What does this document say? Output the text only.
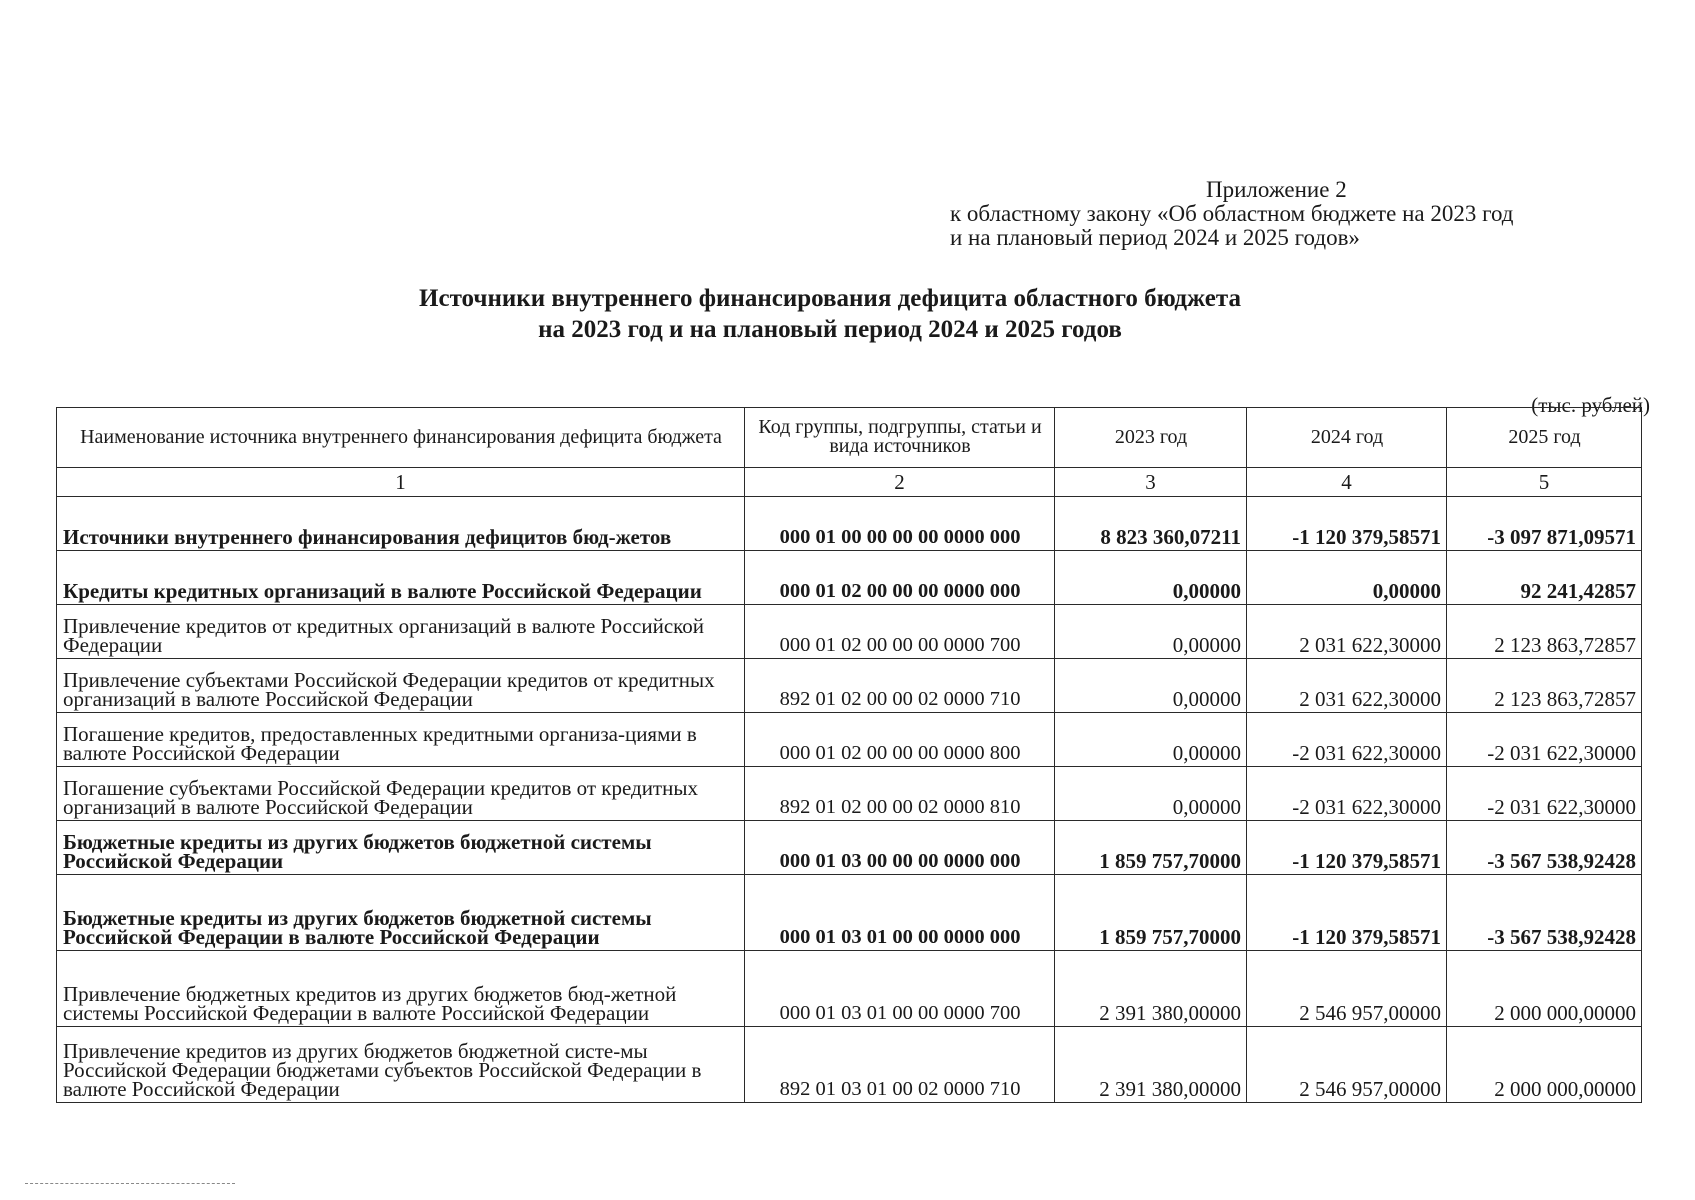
Приложение 2
к областному закону «Об областном бюджете на 2023 год
и на плановый период 2024 и 2025 годов»
Источники внутреннего финансирования дефицита областного бюджета
на 2023 год и на плановый период 2024 и 2025 годов
(тыс. рублей)
Наименование источника внутреннего финансирования дефицита бюджета	Код группы, подгруппы, статьи и вида источников	2023 год	2024 год	2025 год
1	2	3	4	5
Источники внутреннего финансирования дефицитов бюд-жетов	000 01 00 00 00 00 0000 000	8 823 360,07211	-1 120 379,58571	-3 097 871,09571
Кредиты кредитных организаций в валюте Российской Федерации	000 01 02 00 00 00 0000 000	0,00000	0,00000	92 241,42857
Привлечение кредитов от кредитных организаций в валюте Российской Федерации	000 01 02 00 00 00 0000 700	0,00000	2 031 622,30000	2 123 863,72857
Привлечение субъектами Российской Федерации кредитов от кредитных организаций в валюте Российской Федерации	892 01 02 00 00 02 0000 710	0,00000	2 031 622,30000	2 123 863,72857
Погашение кредитов, предоставленных кредитными организа-циями в валюте Российской Федерации	000 01 02 00 00 00 0000 800	0,00000	-2 031 622,30000	-2 031 622,30000
Погашение субъектами Российской Федерации кредитов от кредитных организаций в валюте Российской Федерации	892 01 02 00 00 02 0000 810	0,00000	-2 031 622,30000	-2 031 622,30000
Бюджетные кредиты из других бюджетов бюджетной системы Российской Федерации	000 01 03 00 00 00 0000 000	1 859 757,70000	-1 120 379,58571	-3 567 538,92428
Бюджетные кредиты из других бюджетов бюджетной системы Российской Федерации в валюте Российской Федерации	000 01 03 01 00 00 0000 000	1 859 757,70000	-1 120 379,58571	-3 567 538,92428
Привлечение бюджетных кредитов из других бюджетов бюд-жетной системы Российской Федерации в валюте Российской Федерации	000 01 03 01 00 00 0000 700	2 391 380,00000	2 546 957,00000	2 000 000,00000
Привлечение кредитов из других бюджетов бюджетной систе-мы Российской Федерации бюджетами субъектов Российской Федерации в валюте Российской Федерации	892 01 03 01 00 02 0000 710	2 391 380,00000	2 546 957,00000	2 000 000,00000
